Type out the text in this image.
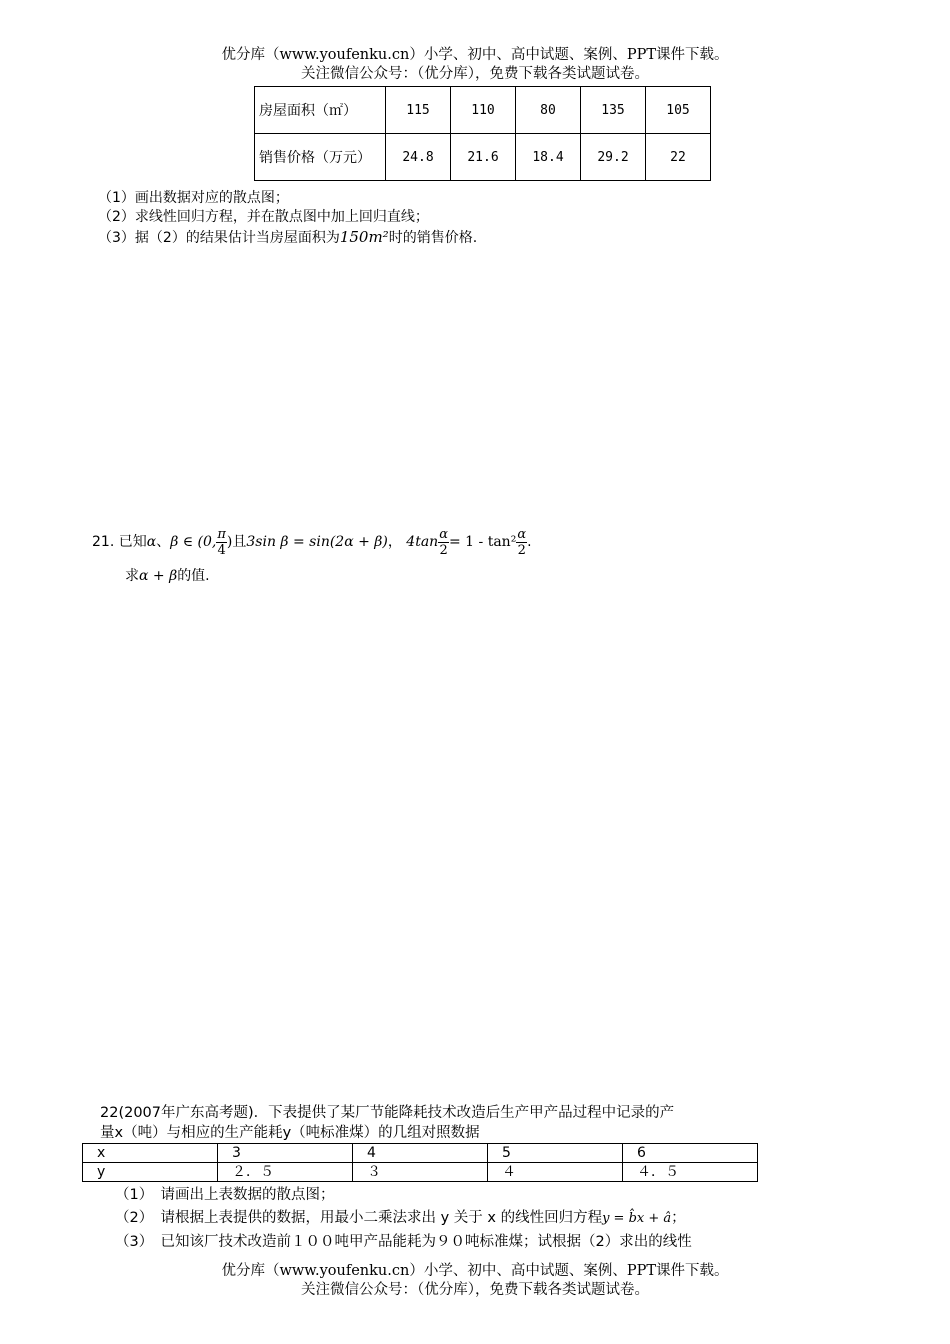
优分库（www.youfenku.cn）小学、初中、高中试题、案例、PPT课件下载。
关注微信公众号：（优分库），免费下载各类试题试卷。
房屋面积（㎡）	115	110	80	135	105
销售价格（万元）	24.8	21.6	18.4	29.2	22
（1）画出数据对应的散点图；
（2）求线性回归方程，并在散点图中加上回归直线；
（3）据（2）的结果估计当房屋面积为150m²时的销售价格.
21. 已知α、β ∈ (0, $\frac{\pi}{4}$ )且3sin β = sin(2α + β)， $4\tan \frac{\alpha}{2} = 1 - \tan^2 \frac{\alpha}{2}$ .
求α + β的值.
22(2007年广东高考题)．下表提供了某厂节能降耗技术改造后生产甲产品过程中记录的产
量x（吨）与相应的生产能耗y（吨标准煤）的几组对照数据
x	3	4	5	6
y	２．５	３	４	４．５
（1）　请画出上表数据的散点图；
（2）　请根据上表提供的数据，用最小二乘法求出 y 关于 x 的线性回归方程y = b̂x + â；
（3）　已知该厂技术改造前１００吨甲产品能耗为９０吨标准煤；试根据（2）求出的线性
优分库（www.youfenku.cn）小学、初中、高中试题、案例、PPT课件下载。
关注微信公众号：（优分库），免费下载各类试题试卷。
